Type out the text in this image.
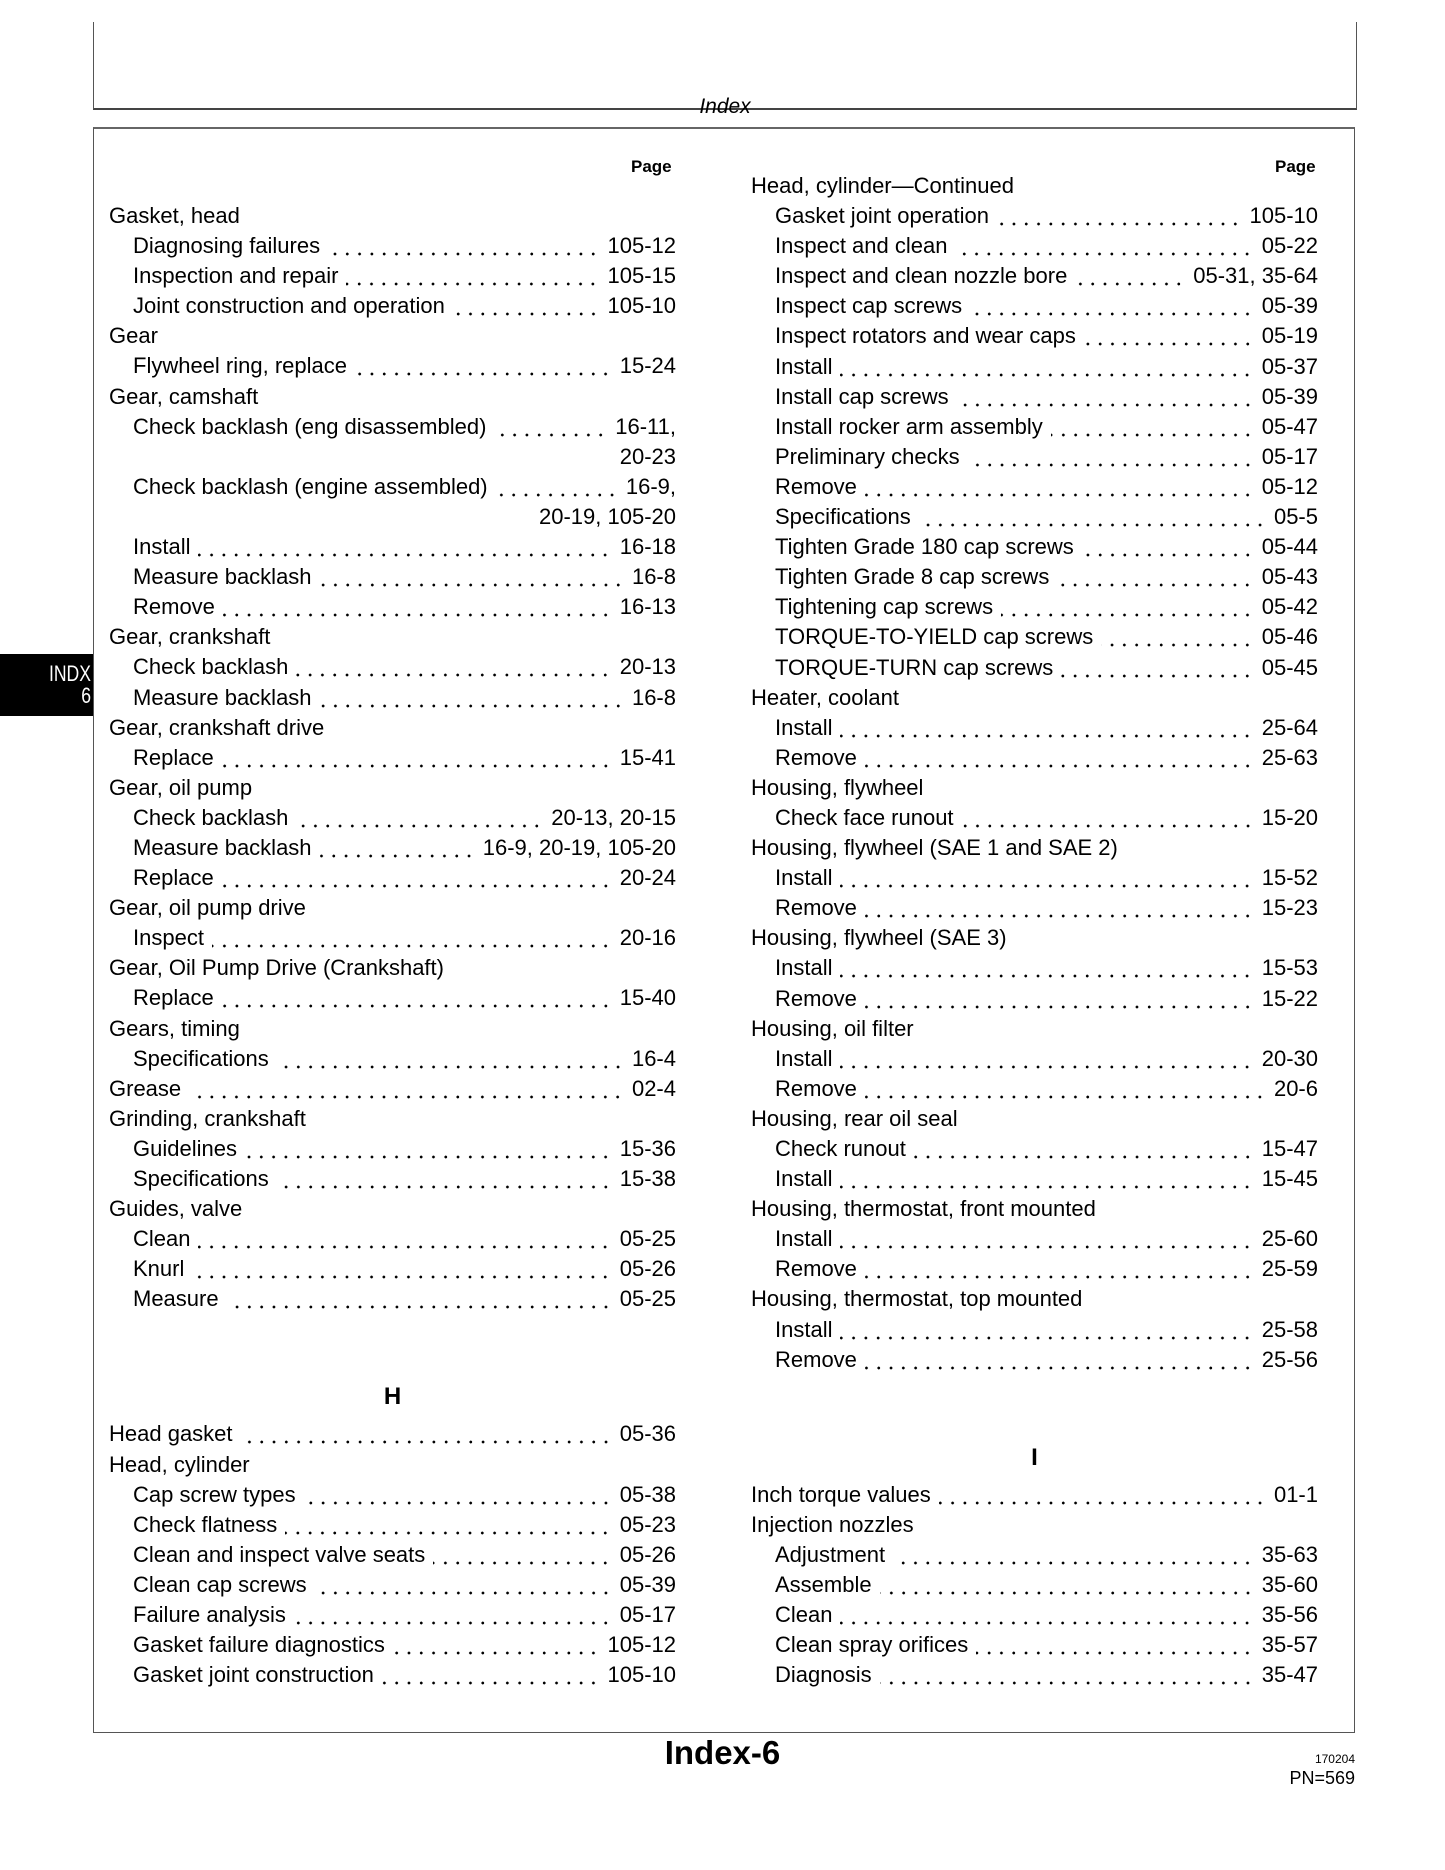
Index
INDX
6
Page	Page
Gasket, head
Diagnosing failures	105-12
Inspection and repair	105-15
Joint construction and operation	105-10
Gear
Flywheel ring, replace	15-24
Gear, camshaft
Check backlash (eng disassembled)	16-11,
20-23
Check backlash (engine assembled)	16-9,
20-19, 105-20
Install	16-18
Measure backlash	16-8
Remove	16-13
Gear, crankshaft
Check backlash	20-13
Measure backlash	16-8
Gear, crankshaft drive
Replace	15-41
Gear, oil pump
Check backlash	20-13, 20-15
Measure backlash	16-9, 20-19, 105-20
Replace	20-24
Gear, oil pump drive
Inspect	20-16
Gear, Oil Pump Drive (Crankshaft)
Replace	15-40
Gears, timing
Specifications	16-4
Grease	02-4
Grinding, crankshaft
Guidelines	15-36
Specifications	15-38
Guides, valve
Clean	05-25
Knurl	05-26
Measure	05-25
H
Head gasket	05-36
Head, cylinder
Cap screw types	05-38
Check flatness	05-23
Clean and inspect valve seats	05-26
Clean cap screws	05-39
Failure analysis	05-17
Gasket failure diagnostics	105-12
Gasket joint construction	105-10
Head, cylinder—Continued
Gasket joint operation	105-10
Inspect and clean	05-22
Inspect and clean nozzle bore	05-31, 35-64
Inspect cap screws	05-39
Inspect rotators and wear caps	05-19
Install	05-37
Install cap screws	05-39
Install rocker arm assembly	05-47
Preliminary checks	05-17
Remove	05-12
Specifications	05-5
Tighten Grade 180 cap screws	05-44
Tighten Grade 8 cap screws	05-43
Tightening cap screws	05-42
TORQUE-TO-YIELD cap screws	05-46
TORQUE-TURN cap screws	05-45
Heater, coolant
Install	25-64
Remove	25-63
Housing, flywheel
Check face runout	15-20
Housing, flywheel (SAE 1 and SAE 2)
Install	15-52
Remove	15-23
Housing, flywheel (SAE 3)
Install	15-53
Remove	15-22
Housing, oil filter
Install	20-30
Remove	20-6
Housing, rear oil seal
Check runout	15-47
Install	15-45
Housing, thermostat, front mounted
Install	25-60
Remove	25-59
Housing, thermostat, top mounted
Install	25-58
Remove	25-56
I
Inch torque values	01-1
Injection nozzles
Adjustment	35-63
Assemble	35-60
Clean	35-56
Clean spray orifices	35-57
Diagnosis	35-47
Index-6	170204
PN=569
